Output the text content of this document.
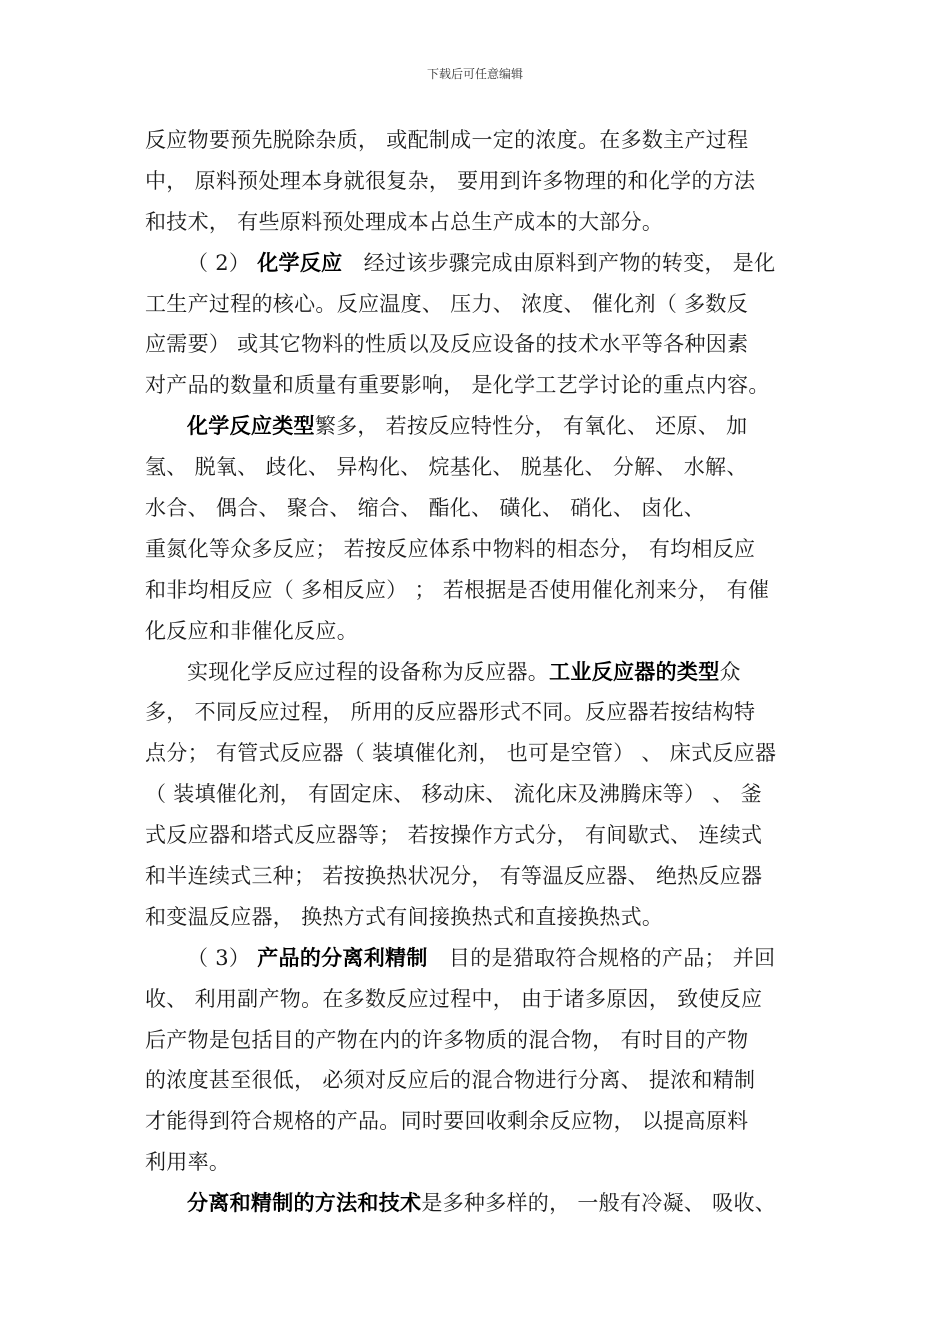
下载后可任意编辑
反应物要预先脱除杂质， 或配制成一定的浓度。在多数主产过程
中， 原料预处理本身就很复杂， 要用到许多物理的和化学的方法
和技术， 有些原料预处理成本占总生产成本的大部分。
（ 2） 化学反应　经过该步骤完成由原料到产物的转变， 是化
工生产过程的核心。反应温度、 压力、 浓度、 催化剂（ 多数反
应需要） 或其它物料的性质以及反应设备的技术水平等各种因素
对产品的数量和质量有重要影响， 是化学工艺学讨论的重点内容。
化学反应类型繁多， 若按反应特性分， 有氧化、 还原、 加
氢、 脱氧、 歧化、 异构化、 烷基化、 脱基化、 分解、 水解、
水合、 偶合、 聚合、 缩合、 酯化、 磺化、 硝化、 卤化、
重氮化等众多反应； 若按反应体系中物料的相态分， 有均相反应
和非均相反应（ 多相反应） ； 若根据是否使用催化剂来分， 有催
化反应和非催化反应。
实现化学反应过程的设备称为反应器。工业反应器的类型众
多， 不同反应过程， 所用的反应器形式不同。反应器若按结构特
点分； 有管式反应器（ 装填催化剂， 也可是空管） 、 床式反应器
（ 装填催化剂， 有固定床、 移动床、 流化床及沸腾床等） 、 釜
式反应器和塔式反应器等； 若按操作方式分， 有间歇式、 连续式
和半连续式三种； 若按换热状况分， 有等温反应器、 绝热反应器
和变温反应器， 换热方式有间接换热式和直接换热式。
（ 3） 产品的分离利精制　目的是猎取符合规格的产品； 并回
收、 利用副产物。在多数反应过程中， 由于诸多原因， 致使反应
后产物是包括目的产物在内的许多物质的混合物， 有时目的产物
的浓度甚至很低， 必须对反应后的混合物进行分离、 提浓和精制
才能得到符合规格的产品。同时要回收剩余反应物， 以提高原料
利用率。
分离和精制的方法和技术是多种多样的， 一般有冷凝、 吸收、
